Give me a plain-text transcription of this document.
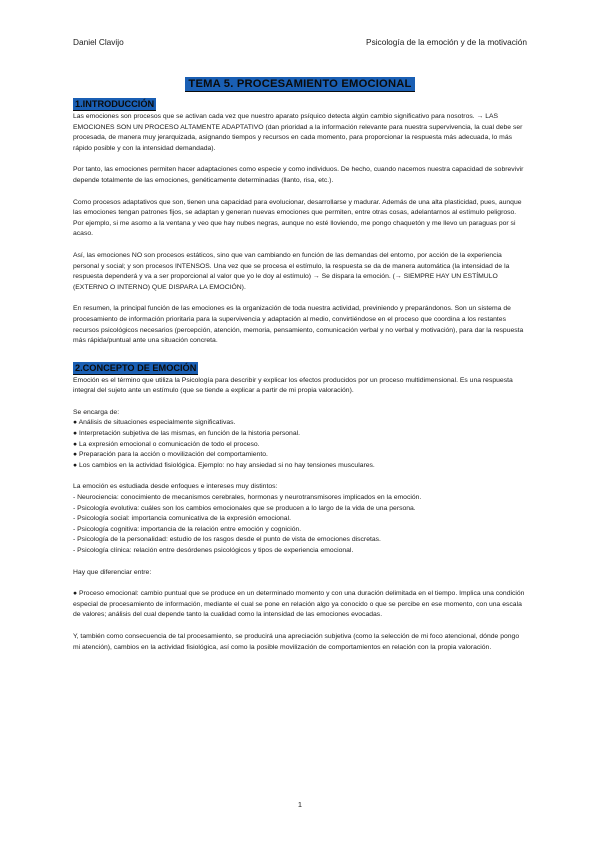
Daniel Clavijo	Psicología de la emoción y de la motivación
TEMA 5. PROCESAMIENTO EMOCIONAL
1.INTRODUCCIÓN

Las emociones son procesos que se activan cada vez que nuestro aparato psíquico detecta algún cambio significativo para nosotros. → LAS EMOCIONES SON UN PROCESO ALTAMENTE ADAPTATIVO (dan prioridad a la información relevante para nuestra supervivencia, la cual debe ser procesada, de manera muy jerarquizada, asignando tiempos y recursos en cada momento, para proporcionar la respuesta más adecuada, lo más rápido posible y con la intensidad demandada).

Por tanto, las emociones permiten hacer adaptaciones como especie y como individuos. De hecho, cuando nacemos nuestra capacidad de sobrevivir depende totalmente de las emociones, genéticamente determinadas (llanto, risa, etc.).

Como procesos adaptativos que son, tienen una capacidad para evolucionar, desarrollarse y madurar. Además de una alta plasticidad, pues, aunque las emociones tengan patrones fijos, se adaptan y generan nuevas emociones que permiten, entre otras cosas, adelantarnos al estímulo peligroso. Por ejemplo, si me asomo a la ventana y veo que hay nubes negras, aunque no esté lloviendo, me pongo chaquetón y me llevo un paraguas por si acaso.

Así, las emociones NO son procesos estáticos, sino que van cambiando en función de las demandas del entorno, por acción de la experiencia personal y social; y son procesos INTENSOS. Una vez que se procesa el estímulo, la respuesta se da de manera automática (la intensidad de la respuesta dependerá y va a ser proporcional al valor que yo le doy al estímulo) → Se dispara la emoción. (→ SIEMPRE HAY UN ESTÍMULO (EXTERNO O INTERNO) QUE DISPARA LA EMOCIÓN).

En resumen, la principal función de las emociones es la organización de toda nuestra actividad, previniendo y preparándonos. Son un sistema de procesamiento de información prioritaria para la supervivencia y adaptación al medio, convirtiéndose en el proceso que coordina a los restantes recursos psicológicos necesarios (percepción, atención, memoria, pensamiento, comunicación verbal y no verbal y motivación), para dar la respuesta más rápida/puntual ante una situación concreta.

2.CONCEPTO DE EMOCIÓN

Emoción es el término que utiliza la Psicología para describir y explicar los efectos producidos por un proceso multidimensional. Es una respuesta integral del sujeto ante un estímulo (que se tiende a explicar a partir de mi propia valoración).

Se encarga de:

● Análisis de situaciones especialmente significativas.
● Interpretación subjetiva de las mismas, en función de la historia personal.
● La expresión emocional o comunicación de todo el proceso.
● Preparación para la acción o movilización del comportamiento.
● Los cambios en la actividad fisiológica. Ejemplo: no hay ansiedad si no hay tensiones musculares.

La emoción es estudiada desde enfoques e intereses muy distintos:

- Neurociencia: conocimiento de mecanismos cerebrales, hormonas y neurotransmisores implicados en la emoción.
- Psicología evolutiva: cuáles son los cambios emocionales que se producen a lo largo de la vida de una persona.
- Psicología social: importancia comunicativa de la expresión emocional.
- Psicología cognitiva: importancia de la relación entre emoción y cognición.
- Psicología de la personalidad: estudio de los rasgos desde el punto de vista de emociones discretas.
- Psicología clínica: relación entre desórdenes psicológicos y tipos de experiencia emocional.

Hay que diferenciar entre:

● Proceso emocional: cambio puntual que se produce en un determinado momento y con una duración delimitada en el tiempo. Implica una condición especial de procesamiento de información, mediante el cual se pone en relación algo ya conocido o que se percibe en ese momento, con una escala de valores; análisis del cual depende tanto la cualidad como la intensidad de las emociones evocadas.

Y, también como consecuencia de tal procesamiento, se producirá una apreciación subjetiva (como la selección de mi foco atencional, dónde pongo mi atención), cambios en la actividad fisiológica, así como la posible movilización de comportamientos en relación con la propia valoración.

1
